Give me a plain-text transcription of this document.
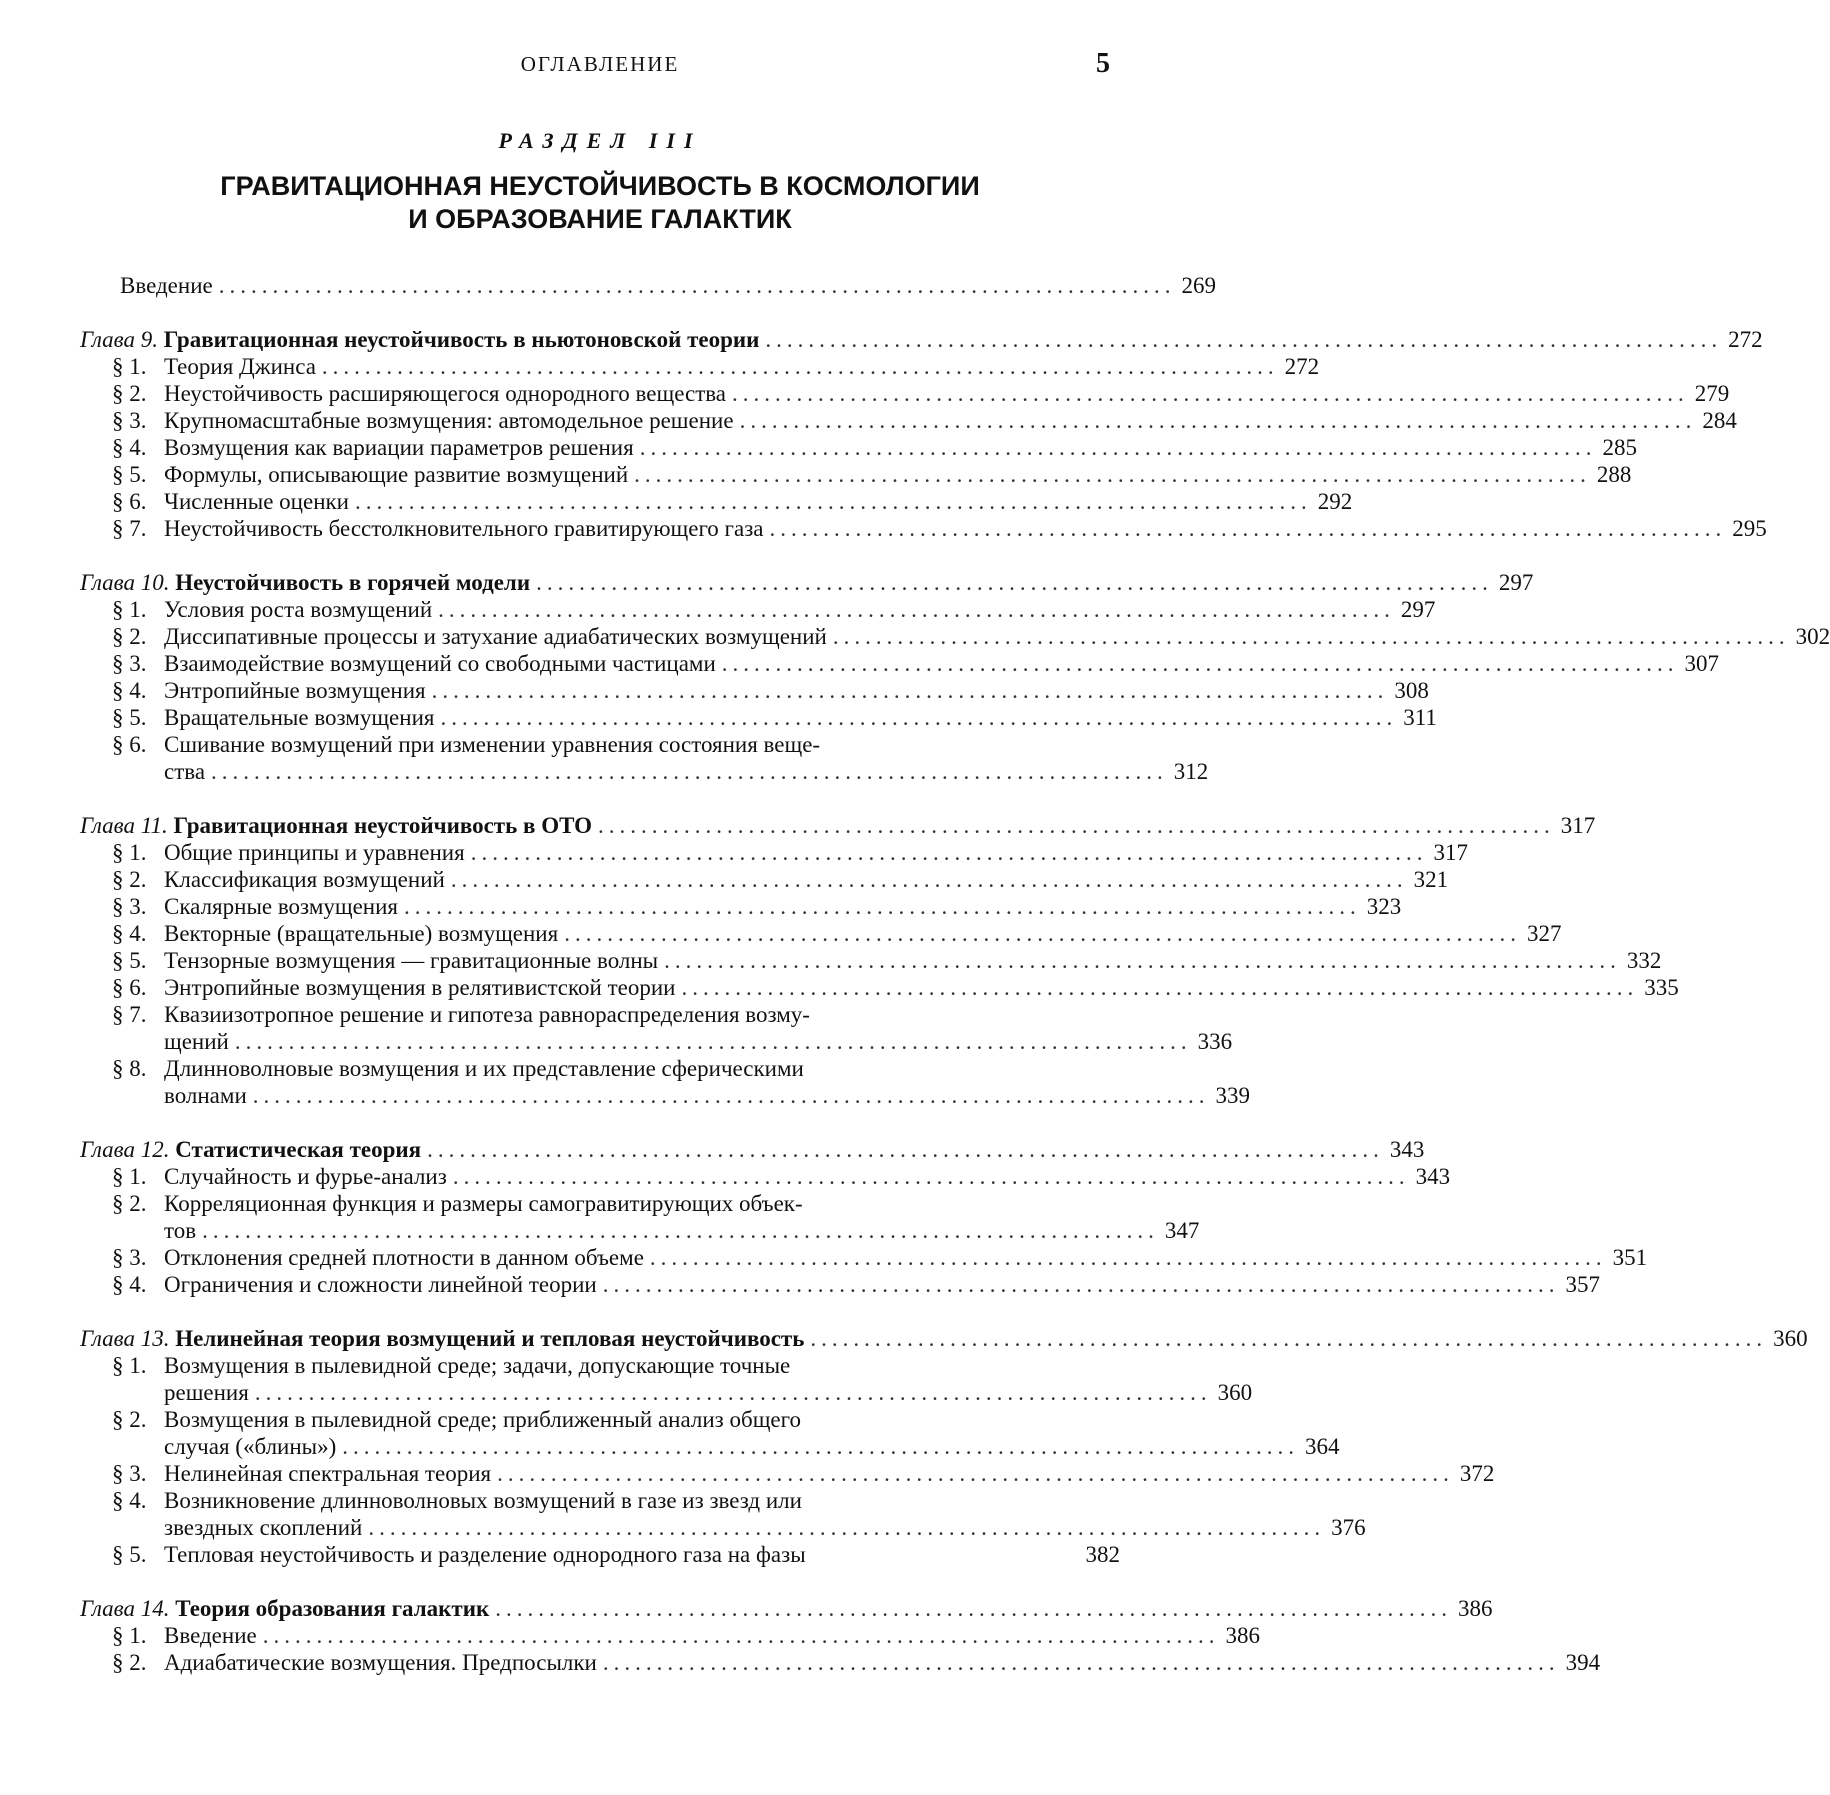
ОГЛАВЛЕНИЕ	5
РАЗДЕЛ III
ГРАВИТАЦИОННАЯ НЕУСТОЙЧИВОСТЬ В КОСМОЛОГИИ
И ОБРАЗОВАНИЕ ГАЛАКТИК
Введение ......................................................................................... 269
Глава 9. Гравитационная неустойчивость в ньютоновской теории ......................................................................................... 272
§ 1. Теория Джинса ......................................................................................... 272
§ 2. Неустойчивость расширяющегося однородного вещества ......................................................................................... 279
§ 3. Крупномасштабные возмущения: автомодельное решение ......................................................................................... 284
§ 4. Возмущения как вариации параметров решения ......................................................................................... 285
§ 5. Формулы, описывающие развитие возмущений ......................................................................................... 288
§ 6. Численные оценки ......................................................................................... 292
§ 7. Неустойчивость бесстолкновительного гравитирующего газа ......................................................................................... 295
Глава 10. Неустойчивость в горячей модели ......................................................................................... 297
§ 1. Условия роста возмущений ......................................................................................... 297
§ 2. Диссипативные процессы и затухание адиабатических возмущений ......................................................................................... 302
§ 3. Взаимодействие возмущений со свободными частицами ......................................................................................... 307
§ 4. Энтропийные возмущения ......................................................................................... 308
§ 5. Вращательные возмущения ......................................................................................... 311
§ 6. Сшивание возмущений при изменении уравнения состояния веще-
ства ......................................................................................... 312
Глава 11. Гравитационная неустойчивость в ОТО ......................................................................................... 317
§ 1. Общие принципы и уравнения ......................................................................................... 317
§ 2. Классификация возмущений ......................................................................................... 321
§ 3. Скалярные возмущения ......................................................................................... 323
§ 4. Векторные (вращательные) возмущения ......................................................................................... 327
§ 5. Тензорные возмущения — гравитационные волны ......................................................................................... 332
§ 6. Энтропийные возмущения в релятивистской теории ......................................................................................... 335
§ 7. Квазиизотропное решение и гипотеза равнораспределения возму-
щений ......................................................................................... 336
§ 8. Длинноволновые возмущения и их представление сферическими
волнами ......................................................................................... 339
Глава 12. Статистическая теория ......................................................................................... 343
§ 1. Случайность и фурье-анализ ......................................................................................... 343
§ 2. Корреляционная функция и размеры самогравитирующих объек-
тов ......................................................................................... 347
§ 3. Отклонения средней плотности в данном объеме ......................................................................................... 351
§ 4. Ограничения и сложности линейной теории ......................................................................................... 357
Глава 13. Нелинейная теория возмущений и тепловая неустойчивость ......................................................................................... 360
§ 1. Возмущения в пылевидной среде; задачи, допускающие точные
решения ......................................................................................... 360
§ 2. Возмущения в пылевидной среде; приближенный анализ общего
случая («блины») ......................................................................................... 364
§ 3. Нелинейная спектральная теория ......................................................................................... 372
§ 4. Возникновение длинноволновых возмущений в газе из звезд или
звездных скоплений ......................................................................................... 376
§ 5. Тепловая неустойчивость и разделение однородного газа на фазы	382
Глава 14. Теория образования галактик ......................................................................................... 386
§ 1. Введение ......................................................................................... 386
§ 2. Адиабатические возмущения. Предпосылки ......................................................................................... 394
